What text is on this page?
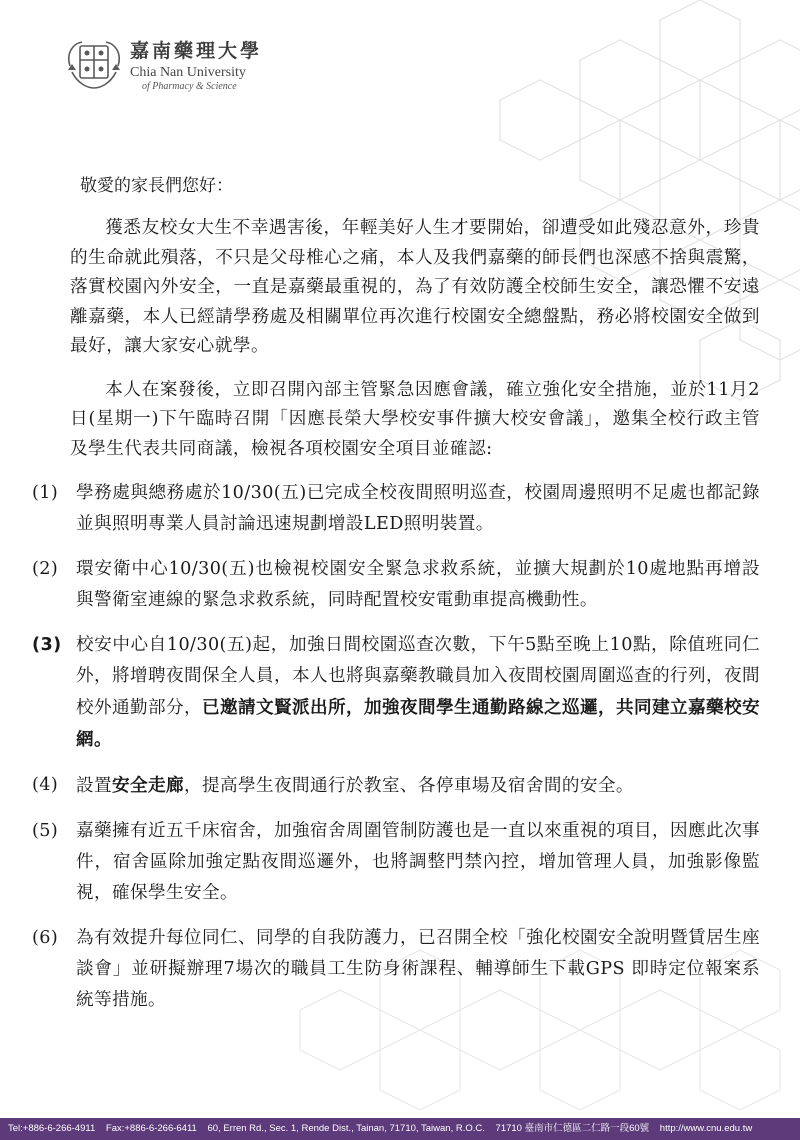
嘉南藥理大學
Chia Nan University
of Pharmacy & Science
敬愛的家長們您好：

獲悉友校女大生不幸遇害後，年輕美好人生才要開始，卻遭受如此殘忍意外，珍貴的生命就此殞落，不只是父母椎心之痛，本人及我們嘉藥的師長們也深感不捨與震驚，落實校園內外安全，一直是嘉藥最重視的，為了有效防護全校師生安全，讓恐懼不安遠離嘉藥，本人已經請學務處及相關單位再次進行校園安全總盤點，務必將校園安全做到最好，讓大家安心就學。

本人在案發後，立即召開內部主管緊急因應會議，確立強化安全措施，並於11月2日(星期一)下午臨時召開「因應長榮大學校安事件擴大校安會議」，邀集全校行政主管及學生代表共同商議，檢視各項校園安全項目並確認:

(1)	學務處與總務處於10/30(五)已完成全校夜間照明巡查，校園周邊照明不足處也都記錄並與照明專業人員討論迅速規劃增設LED照明裝置。
(2)	環安衛中心10/30(五)也檢視校園安全緊急求救系統，並擴大規劃於10處地點再增設與警衛室連線的緊急求救系統，同時配置校安電動車提高機動性。
(3) 校安中心自10/30(五)起，加強日間校園巡查次數，下午5點至晚上10點，除值班同仁外，將增聘夜間保全人員，本人也將與嘉藥教職員加入夜間校園周圍巡查的行列，夜間校外通勤部分，已邀請文賢派出所，加強夜間學生通勤路線之巡邏，共同建立嘉藥校安網。
(4)	設置安全走廊，提高學生夜間通行於教室、各停車場及宿舍間的安全。
(5)	嘉藥擁有近五千床宿舍，加強宿舍周圍管制防護也是一直以來重視的項目，因應此次事件，宿舍區除加強定點夜間巡邏外，也將調整門禁內控，增加管理人員，加強影像監視，確保學生安全。
(6)	為有效提升每位同仁、同學的自我防護力，已召開全校「強化校園安全說明暨賃居生座談會」並研擬辦理7場次的職員工生防身術課程、輔導師生下載GPS 即時定位報案系統等措施。
Tel:+886-6-266-4911 Fax:+886-6-266-6411 60, Erren Rd., Sec. 1, Rende Dist., Tainan, 71710, Taiwan, R.O.C. 71710 臺南市仁德區二仁路一段60號 http://www.cnu.edu.tw
